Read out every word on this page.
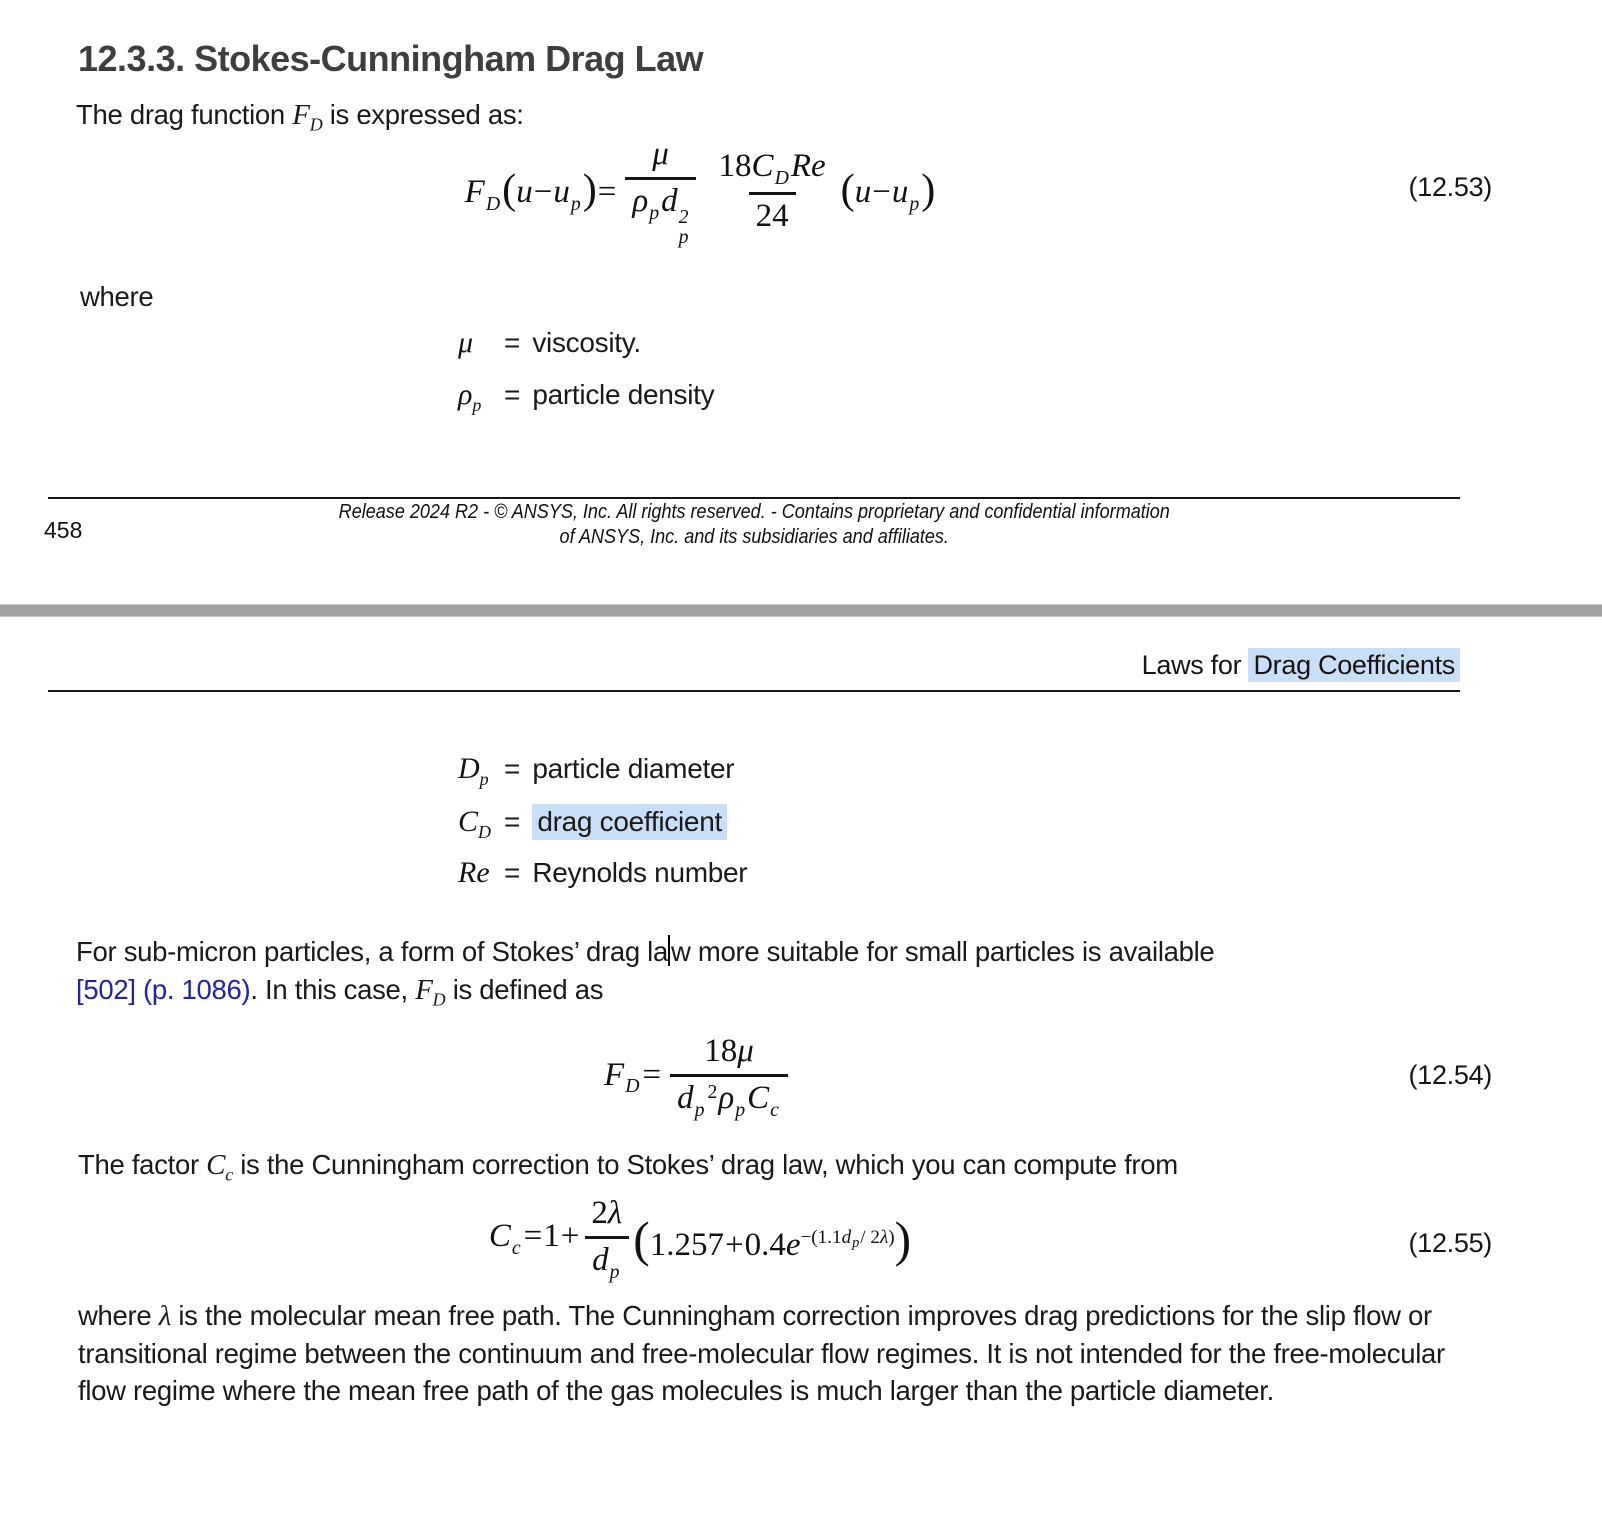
12.3.3. Stokes-Cunningham Drag Law

The drag function $F_D$ is expressed as:

$F_D(u-u_p)= \mu$
$\rho_pd$ 2
p $\frac{18C_DRe}{24} (u-u_p)$	(12.53)

where

μ	= viscosity.
$\rho_p$ = particle density
Release 2024 R2 - © ANSYS, Inc. All rights reserved. - Contains proprietary and confidential information
of ANSYS, Inc. and its subsidiaries and affiliates.
458
Laws for Drag Coefficients
$D_p$ = particle diameter
$C_D$ = drag coefficient
Re = Reynolds number
For sub-micron particles, a form of Stokes’ drag la w more suitable for small particles is available
[502] (p. 1086). In this case, $F_D$ is defined as
$F_D= \frac{18\mu}{d_p^2\rho_pC_c}$	(12.54)

The factor $C_c$ is the Cunningham correction to Stokes’ drag law, which you can compute from

$C_c=1+ \frac{2\lambda}{d_p} (1.257+0.4e^{-(1.1d_p/ 2\lambda)})$	(12.55)

where λ is the molecular mean free path. The Cunningham correction improves drag predictions for the slip flow or transitional regime between the continuum and free-molecular flow regimes. It is not intended for the free-molecular flow regime where the mean free path of the gas molecules is much larger than the particle diameter.
